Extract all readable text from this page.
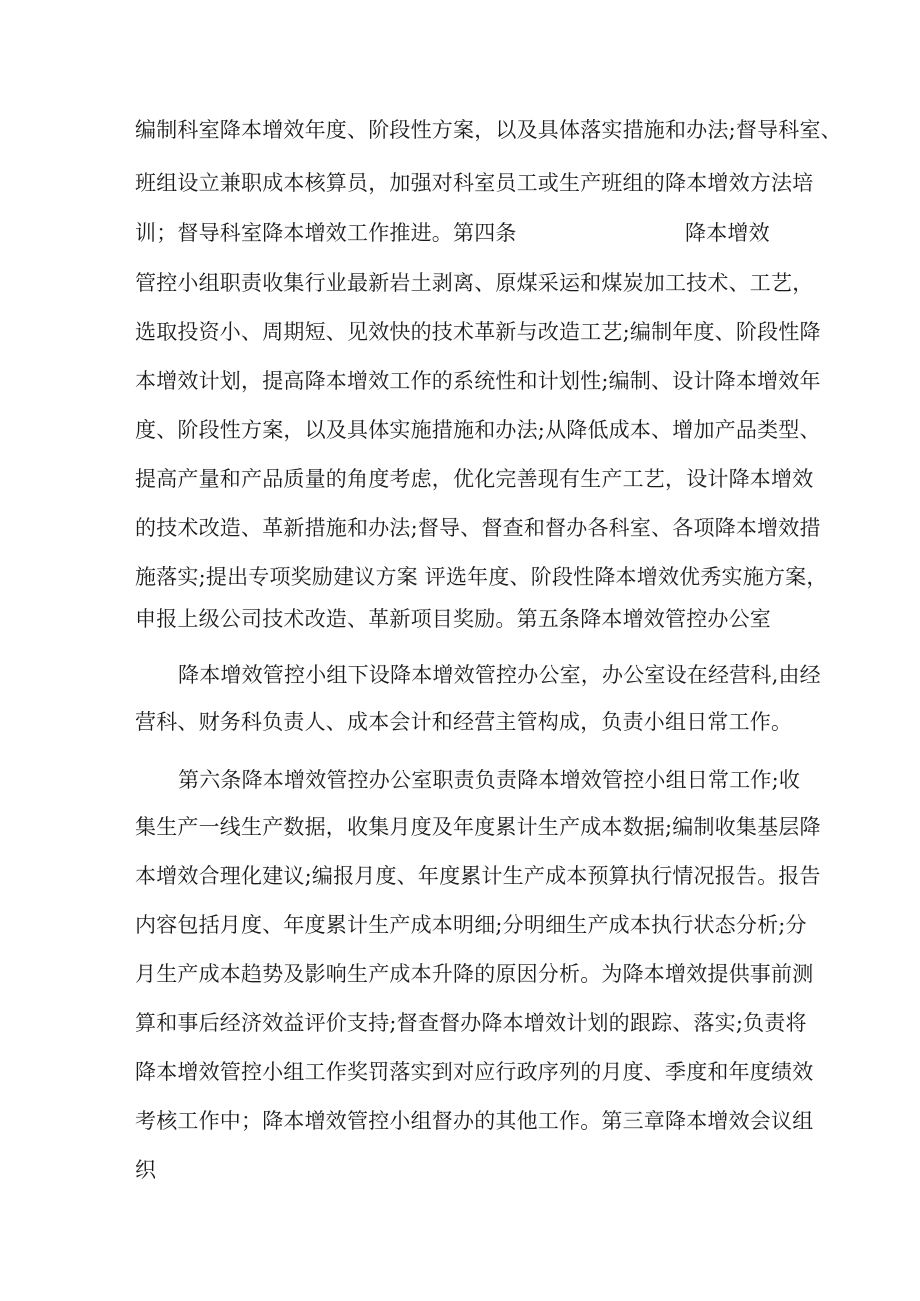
编制科室降本增效年度、阶段性方案，以及具体落实措施和办法;督导科室、
班组设立兼职成本核算员，加强对科室员工或生产班组的降本增效方法培
训；督导科室降本增效工作推进。第四条	降本增效
管控小组职责收集行业最新岩土剥离、原煤采运和煤炭加工技术、工艺，
选取投资小、周期短、见效快的技术革新与改造工艺;编制年度、阶段性降
本增效计划，提高降本增效工作的系统性和计划性;编制、设计降本增效年
度、阶段性方案，以及具体实施措施和办法;从降低成本、增加产品类型、
提高产量和产品质量的角度考虑，优化完善现有生产工艺，设计降本增效
的技术改造、革新措施和办法;督导、督查和督办各科室、各项降本增效措
施落实;提出专项奖励建议方案 评选年度、阶段性降本增效优秀实施方案，
申报上级公司技术改造、革新项目奖励。第五条降本增效管控办公室
降本增效管控小组下设降本增效管控办公室，办公室设在经营科,由经
营科、财务科负责人、成本会计和经营主管构成，负责小组日常工作。
第六条降本增效管控办公室职责负责降本增效管控小组日常工作;收
集生产一线生产数据，收集月度及年度累计生产成本数据;编制收集基层降
本增效合理化建议;编报月度、年度累计生产成本预算执行情况报告。报告
内容包括月度、年度累计生产成本明细;分明细生产成本执行状态分析;分
月生产成本趋势及影响生产成本升降的原因分析。为降本增效提供事前测
算和事后经济效益评价支持;督查督办降本增效计划的跟踪、落实;负责将
降本增效管控小组工作奖罚落实到对应行政序列的月度、季度和年度绩效
考核工作中；降本增效管控小组督办的其他工作。第三章降本增效会议组
织
